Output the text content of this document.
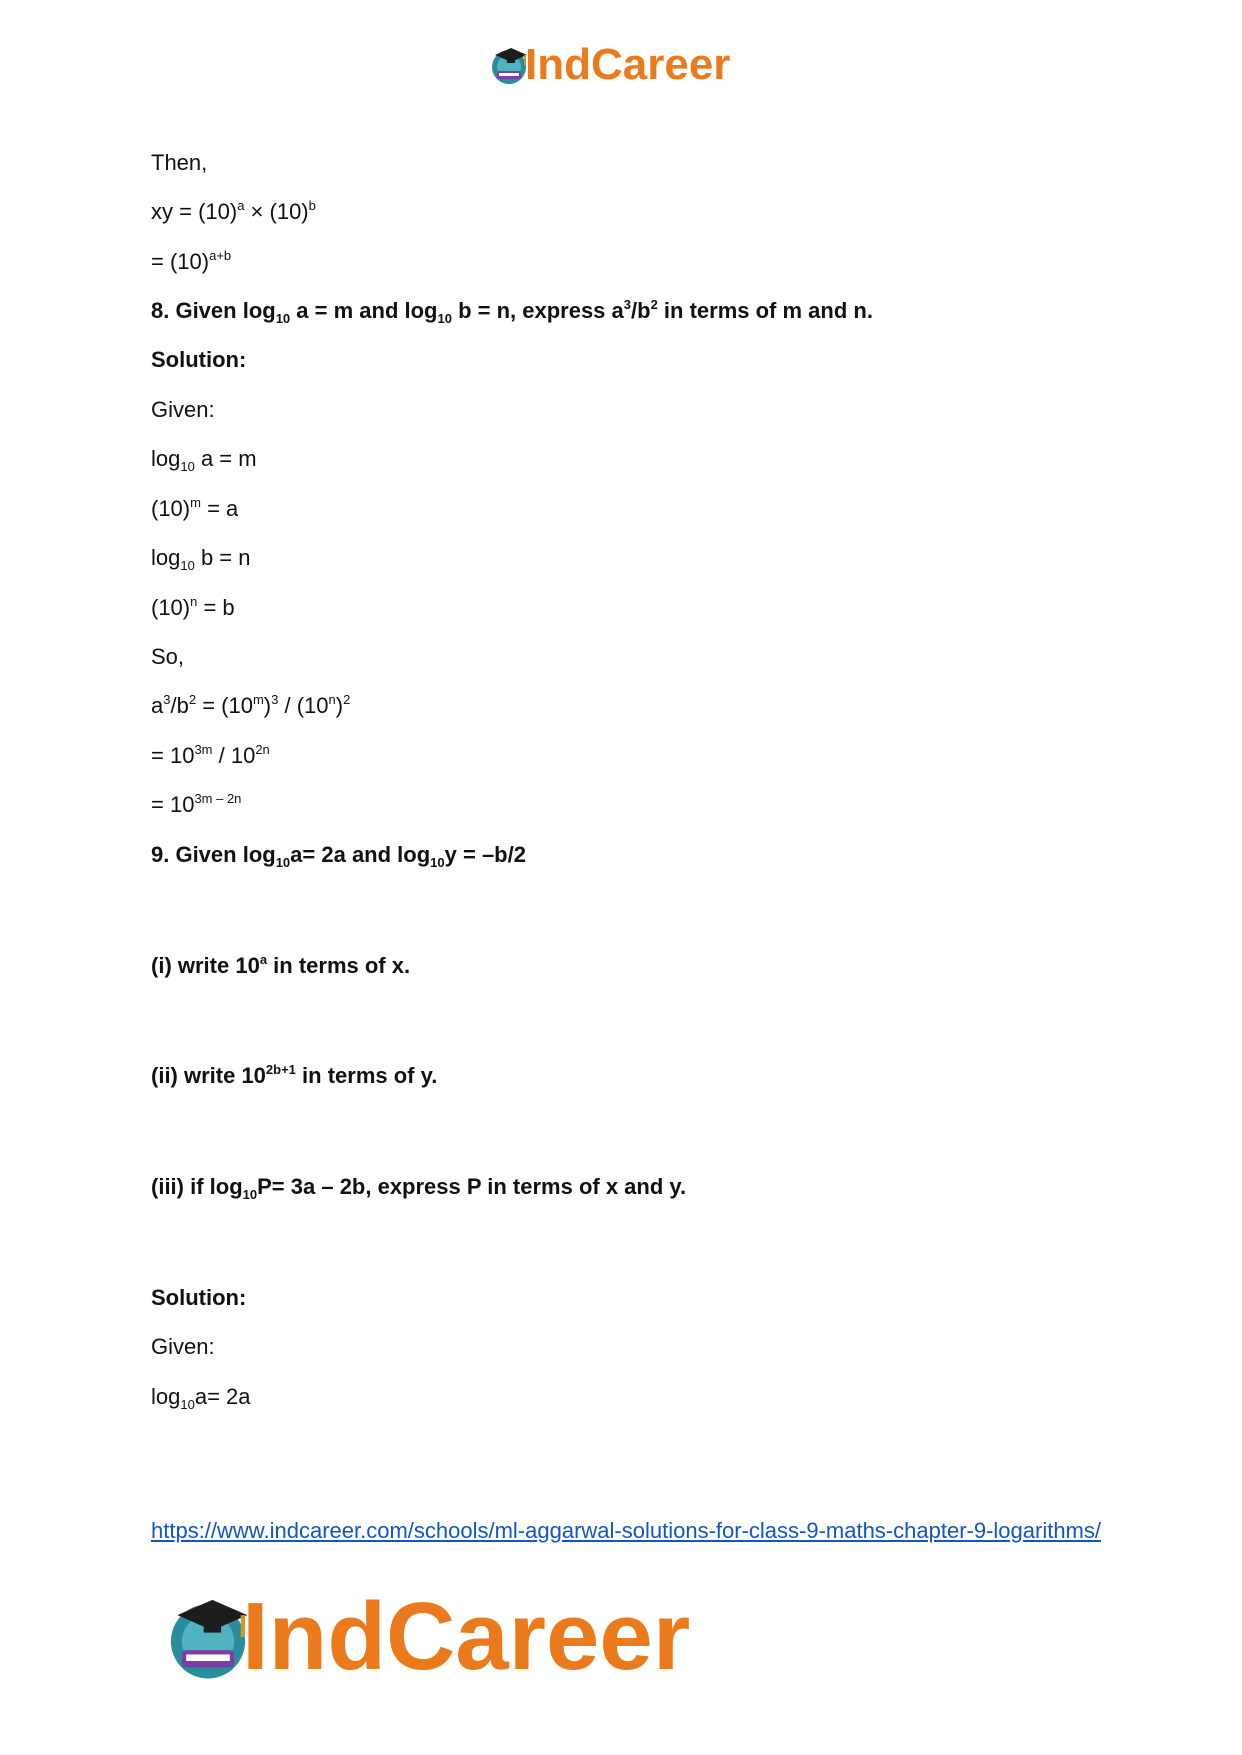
IndCareer
Then,
xy = $(10)^a \times (10)^b$
= $(10)^{a+b}$
8. Given $\log_{10} a = m$ and $\log_{10} b = n$, express $a^3/b^2$ in terms of m and n.
Solution:
Given:
$\log_{10} a = m$
$(10)^m = a$
$\log_{10} b = n$
$(10)^n = b$
So,
$a^3/b^2 = (10^m)^3 / (10^n)^2$
= $10^{3m} / 10^{2n}$
= $10^{3m - 2n}$
9. Given $\log_{10}a= 2a$ and $\log_{10}y = -b/2$
(i) write 10$^a$ in terms of x.
(ii) write $10^{2b+1}$ in terms of y.
(iii) if $\log_{10}P= 3a - 2b$, express P in terms of x and y.
Solution:
Given:
$\log_{10}a= 2a$
https://www.indcareer.com/schools/ml-aggarwal-solutions-for-class-9-maths-chapter-9-logarithms/
IndCareer
